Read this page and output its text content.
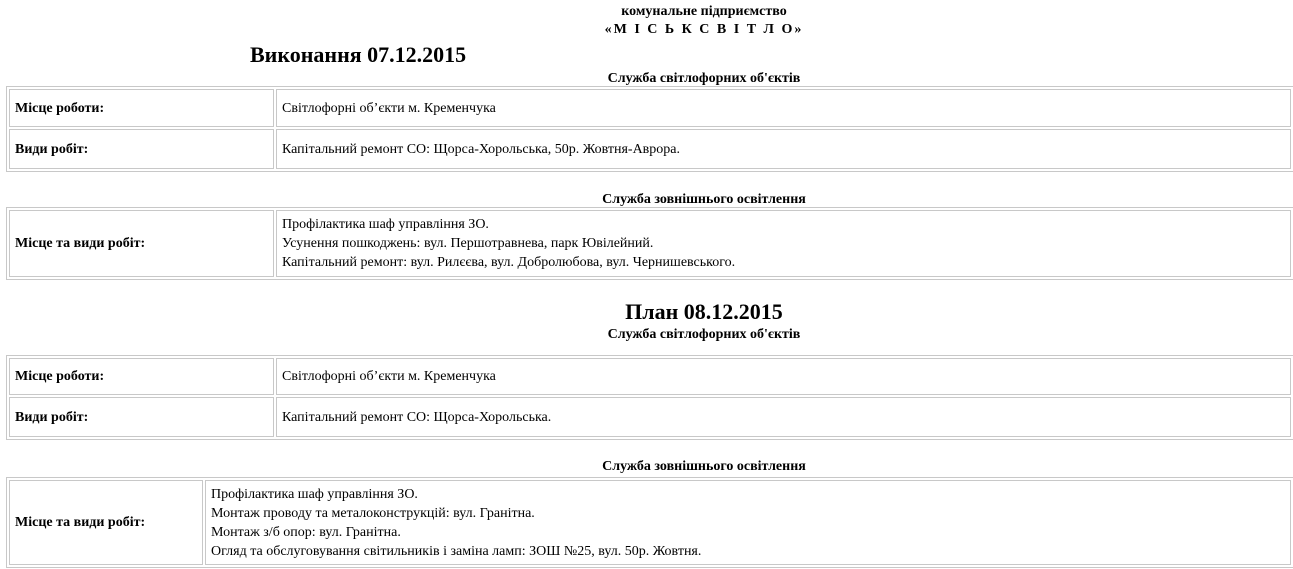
комунальне підприємство
«М І С Ь К С В І Т Л О»
Виконання 07.12.2015
Служба світлофорних об'єктів
Місце роботи:	Світлофорні об’єкти м. Кременчука
Види робіт:	Капітальний ремонт СО: Щорса-Хорольська, 50р. Жовтня-Аврора.
Служба зовнішнього освітлення
Місце та види робіт:	
Профілактика шаф управління ЗО.
Усунення пошкоджень: вул. Першотравнева, парк Ювілейний.
Капітальний ремонт: вул. Рилєєва, вул. Добролюбова, вул. Чернишевського.
План 08.12.2015
Служба світлофорних об'єктів
Місце роботи:	Світлофорні об’єкти м. Кременчука
Види робіт:	Капітальний ремонт СО: Щорса-Хорольська.
Служба зовнішнього освітлення
Місце та види робіт:	
Профілактика шаф управління ЗО.
Монтаж проводу та металоконструкцій: вул. Гранітна.
Монтаж з/б опор: вул. Гранітна.
Огляд та обслуговування світильників і заміна ламп: ЗОШ №25, вул. 50р. Жовтня.
